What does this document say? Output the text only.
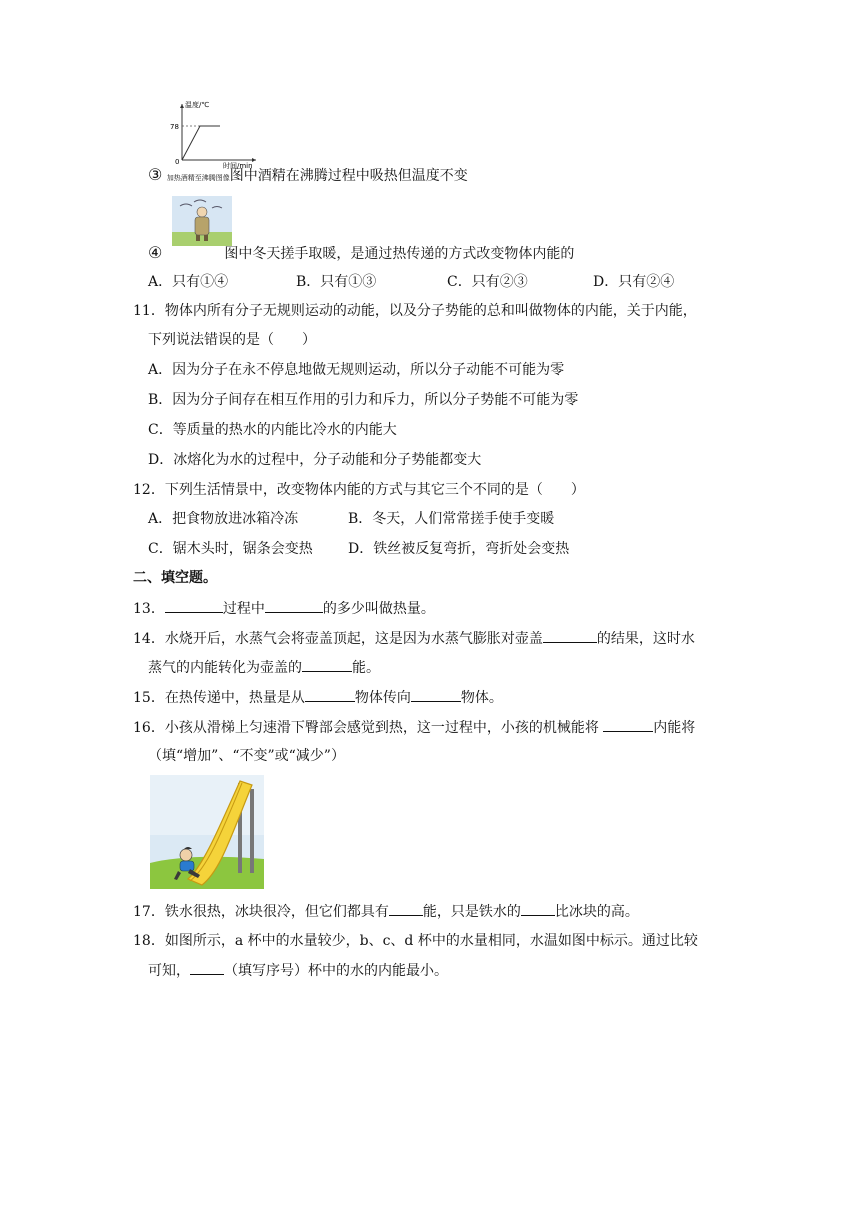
温度/℃
78
0	时间/min
③ 加热酒精至沸腾图像图中酒精在沸腾过程中吸热但温度不变
④	图中冬天搓手取暖，是通过热传递的方式改变物体内能的
A．只有①④	B．只有①③	C．只有②③	D．只有②④
11．物体内所有分子无规则运动的动能，以及分子势能的总和叫做物体的内能，关于内能，
下列说法错误的是（　　）
A．因为分子在永不停息地做无规则运动，所以分子动能不可能为零
B．因为分子间存在相互作用的引力和斥力，所以分子势能不可能为零
C．等质量的热水的内能比冷水的内能大
D．冰熔化为水的过程中，分子动能和分子势能都变大
12．下列生活情景中，改变物体内能的方式与其它三个不同的是（　　）
A．把食物放进冰箱冷冻	B．冬天，人们常常搓手使手变暖
C．锯木头时，锯条会变热	D．铁丝被反复弯折，弯折处会变热
二、填空题。
13．	过程中	的多少叫做热量。
14．水烧开后，水蒸气会将壶盖顶起，这是因为水蒸气膨胀对壶盖	的结果，这时水
蒸气的内能转化为壶盖的	能。
15．在热传递中，热量是从	物体传向	物体。
16．小孩从滑梯上匀速滑下臀部会感觉到热，这一过程中，小孩的机械能将	内能将
（填“增加”、“不变”或“减少”）
17．铁水很热，冰块很冷，但它们都具有 能，只是铁水的 比冰块的高。
18．如图所示，a 杯中的水量较少，b、c、d 杯中的水量相同，水温如图中标示。通过比较
可知， （填写序号）杯中的水的内能最小。
